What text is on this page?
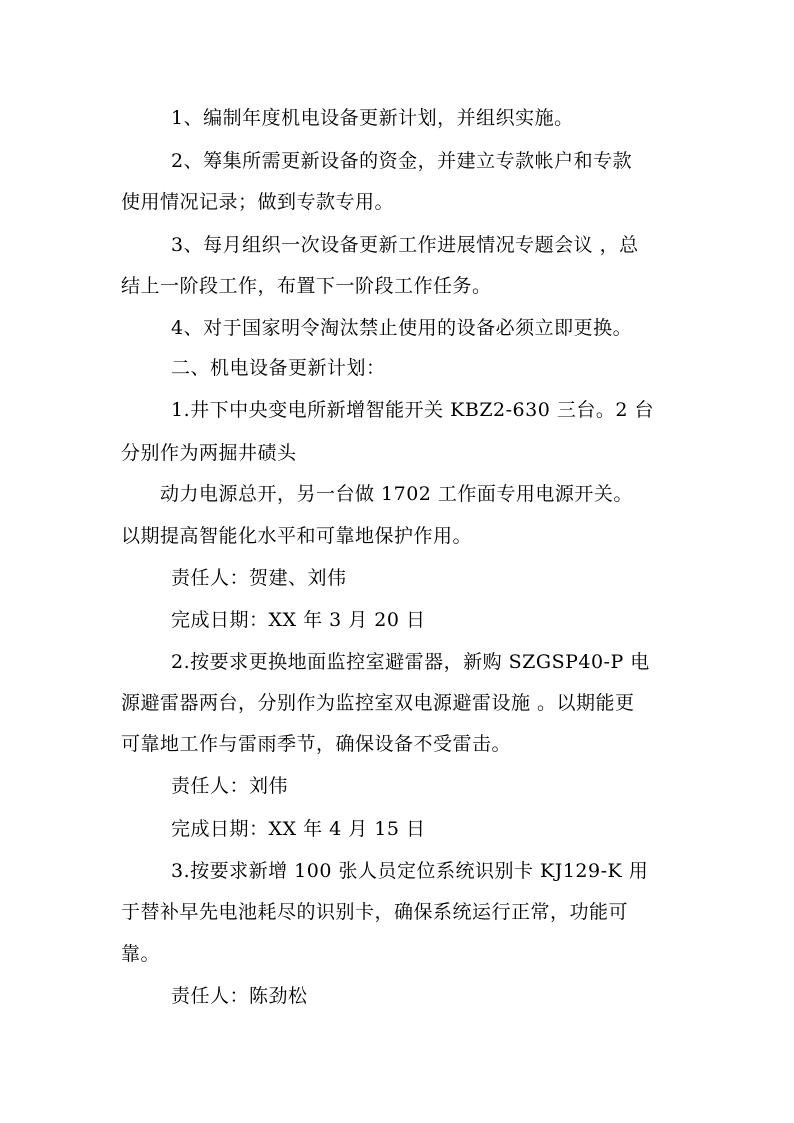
1、编制年度机电设备更新计划，并组织实施。
2、筹集所需更新设备的资金，并建立专款帐户和专款
使用情况记录；做到专款专用。
3、每月组织一次设备更新工作进展情况专题会议 ，总
结上一阶段工作，布置下一阶段工作任务。
4、对于国家明令淘汰禁止使用的设备必须立即更换。
二、机电设备更新计划：
1.井下中央变电所新增智能开关 KBZ2-630 三台。2 台
分别作为两掘井碛头
动力电源总开，另一台做 1702 工作面专用电源开关。
以期提高智能化水平和可靠地保护作用。
责任人：贺建、刘伟
完成日期：XX 年 3 月 20 日
2.按要求更换地面监控室避雷器，新购 SZGSP40-P 电
源避雷器两台，分别作为监控室双电源避雷设施 。以期能更
可靠地工作与雷雨季节，确保设备不受雷击。
责任人：刘伟
完成日期：XX 年 4 月 15 日
3.按要求新增 100 张人员定位系统识别卡 KJ129-K 用
于替补早先电池耗尽的识别卡，确保系统运行正常，功能可
靠。
责任人：陈劲松
